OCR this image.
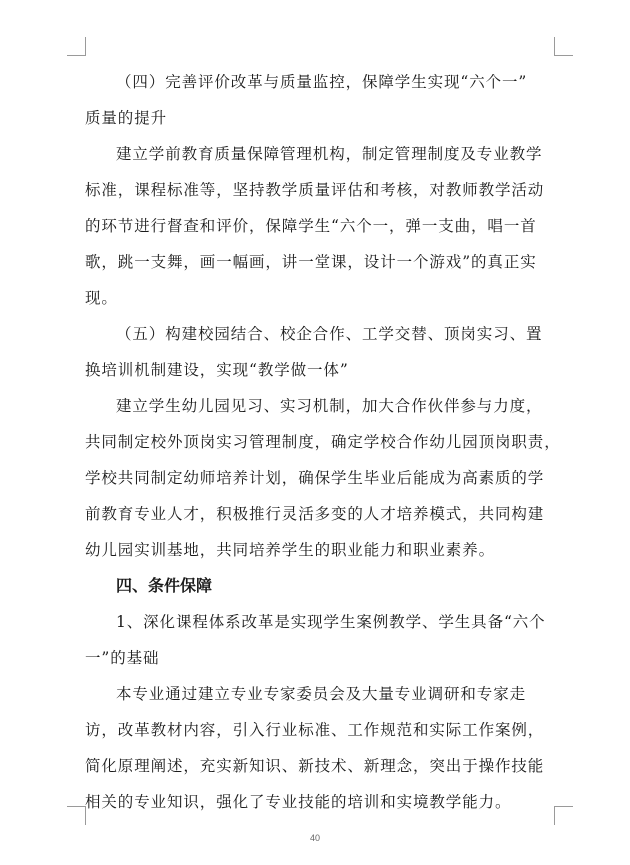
（四）完善评价改革与质量监控，保障学生实现“六个一”
质量的提升

建立学前教育质量保障管理机构，制定管理制度及专业教学
标准，课程标准等，坚持教学质量评估和考核，对教师教学活动
的环节进行督查和评价，保障学生“六个一，弹一支曲，唱一首
歌，跳一支舞，画一幅画，讲一堂课，设计一个游戏”的真正实
现。

（五）构建校园结合、校企合作、工学交替、顶岗实习、置
换培训机制建设，实现“教学做一体”

建立学生幼儿园见习、实习机制，加大合作伙伴参与力度，
共同制定校外顶岗实习管理制度，确定学校合作幼儿园顶岗职责，
学校共同制定幼师培养计划，确保学生毕业后能成为高素质的学
前教育专业人才，积极推行灵活多变的人才培养模式，共同构建
幼儿园实训基地，共同培养学生的职业能力和职业素养。

四、条件保障

1、深化课程体系改革是实现学生案例教学、学生具备“六个
一”的基础

本专业通过建立专业专家委员会及大量专业调研和专家走
访，改革教材内容，引入行业标准、工作规范和实际工作案例，
简化原理阐述，充实新知识、新技术、新理念，突出于操作技能
相关的专业知识，强化了专业技能的培训和实境教学能力。

40
